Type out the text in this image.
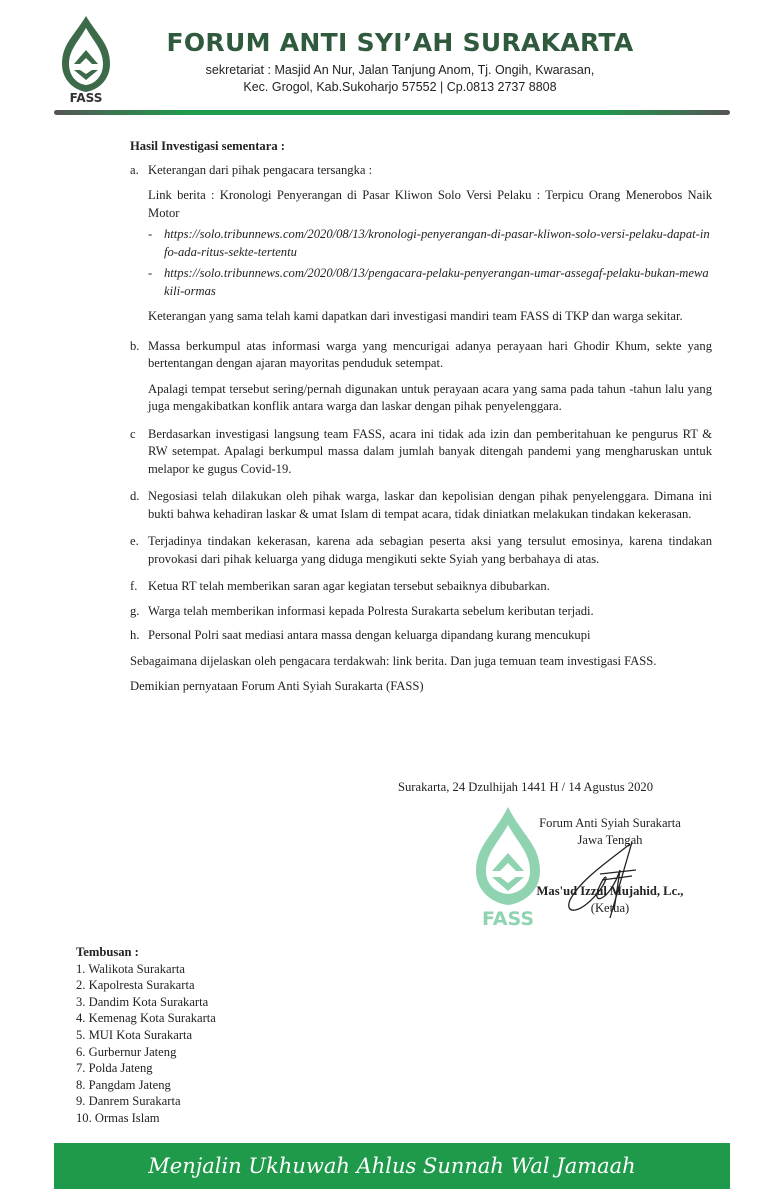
FASS
FORUM ANTI SYI’AH SURAKARTA
sekretariat : Masjid An Nur, Jalan Tanjung Anom, Tj. Ongih, Kwarasan,
Kec. Grogol, Kab.Sukoharjo 57552 | Cp.0813 2737 8808

Hasil Investigasi sementara :

a. Keterangan dari pihak pengacara tersangka :

Link berita : Kronologi Penyerangan di Pasar Kliwon Solo Versi Pelaku : Terpicu Orang Menerobos Naik Motor

- https://solo.tribunnews.com/2020/08/13/kronologi-penyerangan-di-pasar-kliwon-solo-versi-pelaku-dapat-info-ada-ritus-sekte-tertentu
- https://solo.tribunnews.com/2020/08/13/pengacara-pelaku-penyerangan-umar-assegaf-pelaku-bukan-mewakili-ormas

Keterangan yang sama telah kami dapatkan dari investigasi mandiri team FASS di TKP dan warga sekitar.

b. Massa berkumpul atas informasi warga yang mencurigai adanya perayaan hari Ghodir Khum, sekte yang bertentangan dengan ajaran mayoritas penduduk setempat.

Apalagi tempat tersebut sering/pernah digunakan untuk perayaan acara yang sama pada tahun -tahun lalu yang juga mengakibatkan konflik antara warga dan laskar dengan pihak penyelenggara.

c Berdasarkan investigasi langsung team FASS, acara ini tidak ada izin dan pemberitahuan ke pengurus RT & RW setempat. Apalagi berkumpul massa dalam jumlah banyak ditengah pandemi yang mengharuskan untuk melapor ke gugus Covid-19.

d. Negosiasi telah dilakukan oleh pihak warga, laskar dan kepolisian dengan pihak penyelenggara. Dimana ini bukti bahwa kehadiran laskar & umat Islam di tempat acara, tidak diniatkan melakukan tindakan kekerasan.

e. Terjadinya tindakan kekerasan, karena ada sebagian peserta aksi yang tersulut emosinya, karena tindakan provokasi dari pihak keluarga yang diduga mengikuti sekte Syiah yang berbahaya di atas.

f. Ketua RT telah memberikan saran agar kegiatan tersebut sebaiknya dibubarkan.

g. Warga telah memberikan informasi kepada Polresta Surakarta sebelum keributan terjadi.

h. Personal Polri saat mediasi antara massa dengan keluarga dipandang kurang mencukupi

Sebagaimana dijelaskan oleh pengacara terdakwah: link berita. Dan juga temuan team investigasi FASS.

Demikian pernyataan Forum Anti Syiah Surakarta (FASS)

Surakarta, 24 Dzulhijah 1441 H / 14 Agustus 2020
FASS
Forum Anti Syiah Surakarta
Jawa Tengah
Mas'ud Izzul Mujahid, Lc.,
(Ketua)
Tembusan :
1. Walikota Surakarta
2. Kapolresta Surakarta
3. Dandim Kota Surakarta
4. Kemenag Kota Surakarta
5. MUI Kota Surakarta
6. Gurbernur Jateng
7. Polda Jateng
8. Pangdam Jateng
9. Danrem Surakarta
10. Ormas Islam
Menjalin Ukhuwah Ahlus Sunnah Wal Jamaah
